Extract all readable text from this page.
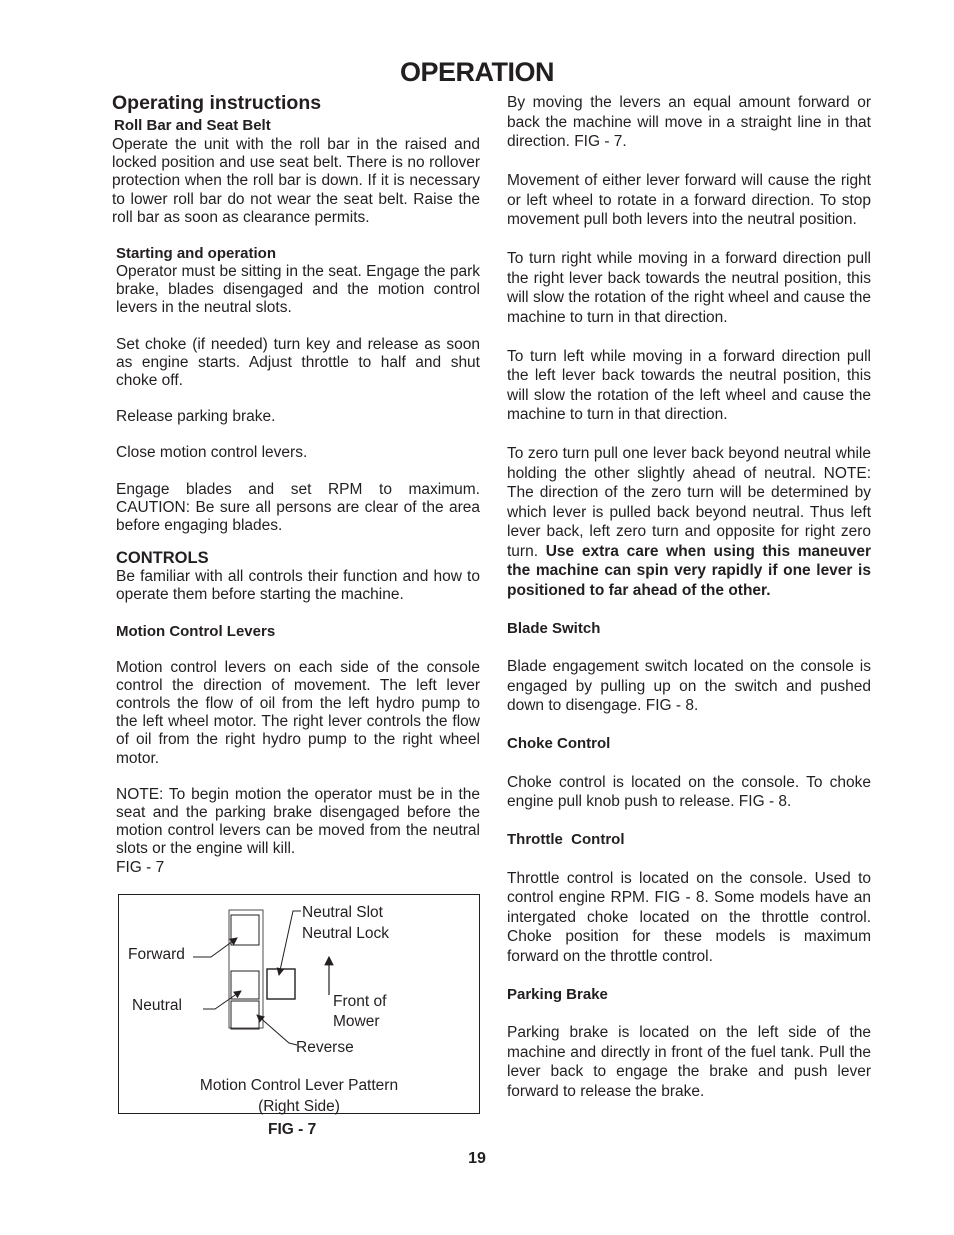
OPERATION
Operating instructions
Roll Bar and Seat Belt

Operate the unit with the roll bar in the raised and locked position and use seat belt. There is no rollover protection when the roll bar is down. If it is necessary to lower roll bar do not wear the seat belt. Raise the roll bar as soon as clearance permits.

Starting and operation

Operator must be sitting in the seat. Engage the park brake, blades disengaged and the motion control levers in the neutral slots.

Set choke (if needed) turn key and release as soon as engine starts. Adjust throttle to half and shut choke off.

Release parking brake.

Close motion control levers.

Engage blades and set RPM to maximum. CAUTION: Be sure all persons are clear of the area before engaging blades.

CONTROLS

Be familiar with all controls their function and how to operate them before starting the machine.

Motion Control Levers

Motion control levers on each side of the console control the direction of movement. The left lever controls the flow of oil from the left hydro pump to the left wheel motor. The right lever controls the flow of oil from the right hydro pump to the right wheel motor.

NOTE: To begin motion the operator must be in the seat and the parking brake disengaged before the motion control levers can be moved from the neutral slots or the engine will kill.

FIG - 7

Neutral Slot
Neutral Lock
Forward
Neutral	Front of
Mower
Reverse
Motion Control Lever Pattern
(Right Side)
FIG - 7

By moving the levers an equal amount forward or back the machine will move in a straight line in that direction. FIG - 7.

Movement of either lever forward will cause the right or left wheel to rotate in a forward direction. To stop movement pull both levers into the neutral position.

To turn right while moving in a forward direction pull the right lever back towards the neutral position, this will slow the rotation of the right wheel and cause the machine to turn in that direction.

To turn left while moving in a forward direction pull the left lever back towards the neutral position, this will slow the rotation of the left wheel and cause the machine to turn in that direction.

To zero turn pull one lever back beyond neutral while holding the other slightly ahead of neutral. NOTE: The direction of the zero turn will be determined by which lever is pulled back beyond neutral. Thus left lever back, left zero turn and opposite for right zero turn. Use extra care when using this maneuver the machine can spin very rapidly if one lever is positioned to far ahead of the other.

Blade Switch

Blade engagement switch located on the console is engaged by pulling up on the switch and pushed down to disengage. FIG - 8.

Choke Control

Choke control is located on the console. To choke engine pull knob push to release. FIG - 8.

Throttle  Control

Throttle control is located on the console. Used to control engine RPM. FIG - 8. Some models have an intergated choke located on the throttle control. Choke position for these models is maximum forward on the throttle control.

Parking Brake

Parking brake is located on the left side of the machine and directly in front of the fuel tank. Pull the lever back to engage the brake and push lever forward to release the brake.

19
